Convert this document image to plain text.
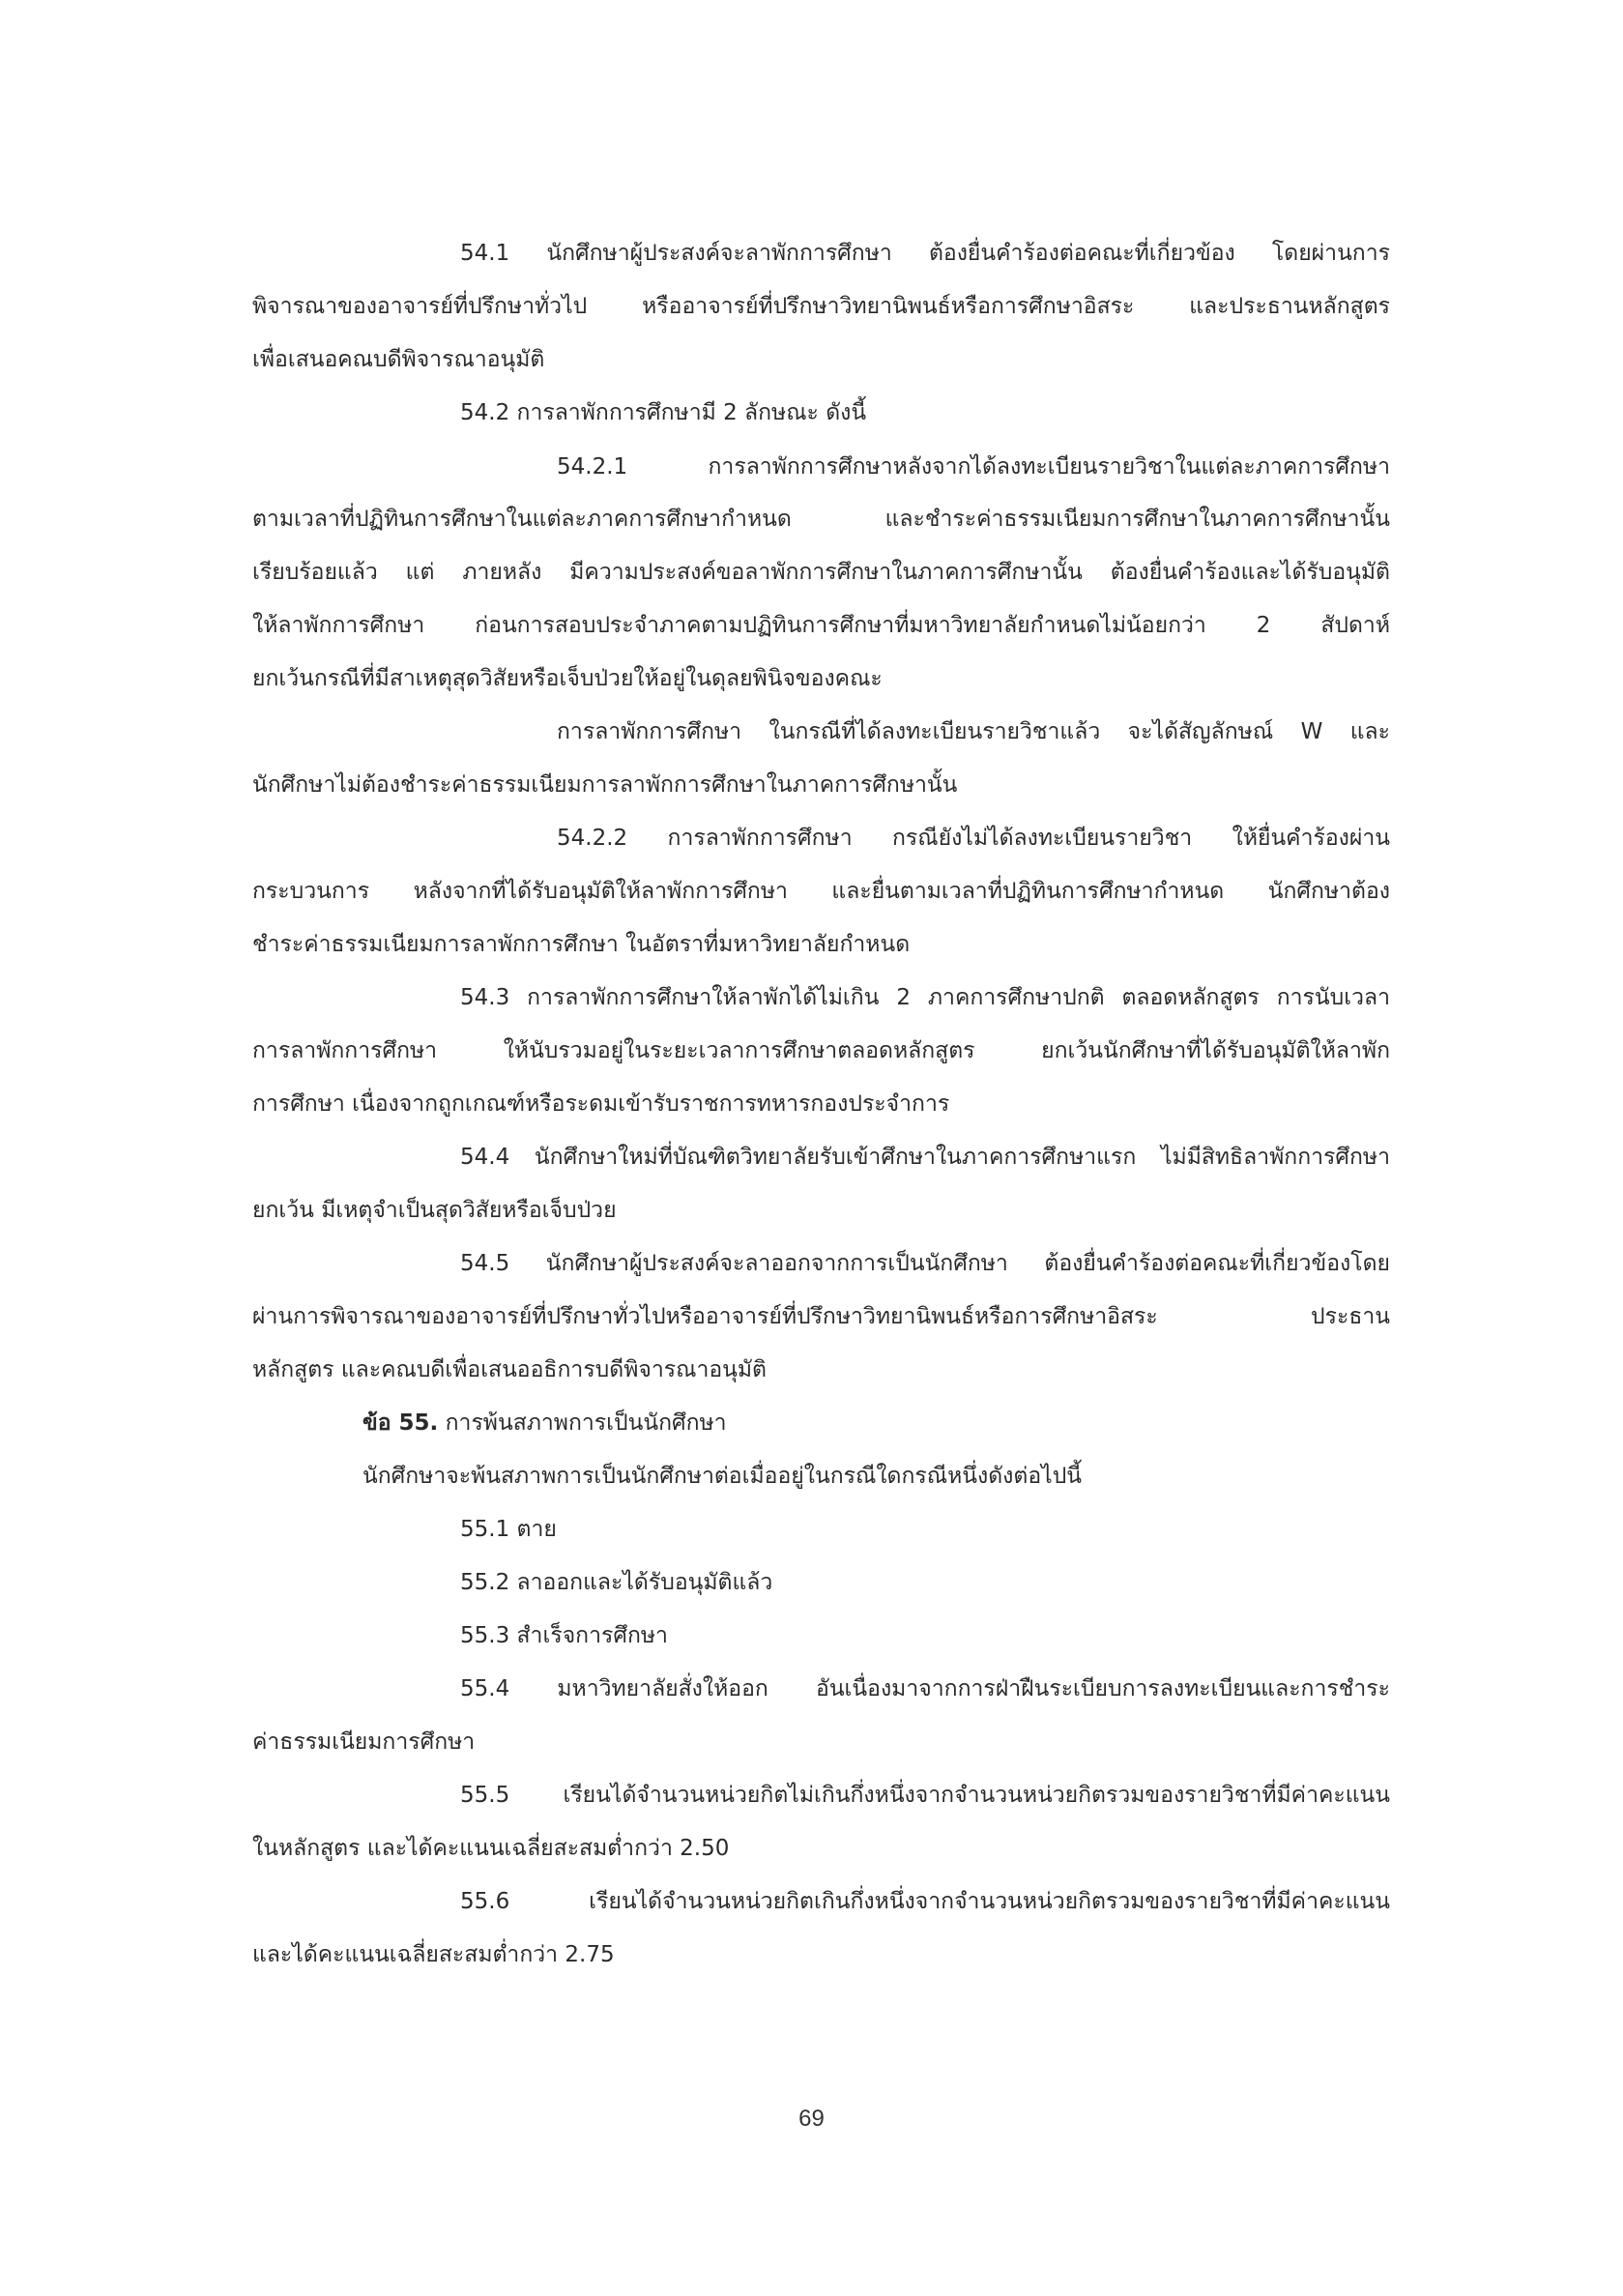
54.1 นักศึกษาผู้ประสงค์จะลาพักการศึกษา ต้องยื่นคำร้องต่อคณะที่เกี่ยวข้อง โดยผ่านการ
พิจารณาของอาจารย์ที่ปรึกษาทั่วไป หรืออาจารย์ที่ปรึกษาวิทยานิพนธ์หรือการศึกษาอิสระ และประธานหลักสูตร
เพื่อเสนอคณบดีพิจารณาอนุมัติ
54.2 การลาพักการศึกษามี 2 ลักษณะ ดังนี้
54.2.1 การลาพักการศึกษาหลังจากได้ลงทะเบียนรายวิชาในแต่ละภาคการศึกษา
ตามเวลาที่ปฏิทินการศึกษาในแต่ละภาคการศึกษากำหนด และชำระค่าธรรมเนียมการศึกษาในภาคการศึกษานั้น
เรียบร้อยแล้ว แต่ ภายหลัง มีความประสงค์ขอลาพักการศึกษาในภาคการศึกษานั้น ต้องยื่นคำร้องและได้รับอนุมัติ
ให้ลาพักการศึกษา ก่อนการสอบประจำภาคตามปฏิทินการศึกษาที่มหาวิทยาลัยกำหนดไม่น้อยกว่า 2 สัปดาห์
ยกเว้นกรณีที่มีสาเหตุสุดวิสัยหรือเจ็บป่วยให้อยู่ในดุลยพินิจของคณะ
การลาพักการศึกษา ในกรณีที่ได้ลงทะเบียนรายวิชาแล้ว จะได้สัญลักษณ์ W และ
นักศึกษาไม่ต้องชำระค่าธรรมเนียมการลาพักการศึกษาในภาคการศึกษานั้น
54.2.2 การลาพักการศึกษา กรณียังไม่ได้ลงทะเบียนรายวิชา ให้ยื่นคำร้องผ่าน
กระบวนการ หลังจากที่ได้รับอนุมัติให้ลาพักการศึกษา และยื่นตามเวลาที่ปฏิทินการศึกษากำหนด นักศึกษาต้อง
ชำระค่าธรรมเนียมการลาพักการศึกษา ในอัตราที่มหาวิทยาลัยกำหนด
54.3 การลาพักการศึกษาให้ลาพักได้ไม่เกิน 2 ภาคการศึกษาปกติ ตลอดหลักสูตร การนับเวลา
การลาพักการศึกษา ให้นับรวมอยู่ในระยะเวลาการศึกษาตลอดหลักสูตร ยกเว้นนักศึกษาที่ได้รับอนุมัติให้ลาพัก
การศึกษา เนื่องจากถูกเกณฑ์หรือระดมเข้ารับราชการทหารกองประจำการ
54.4 นักศึกษาใหม่ที่บัณฑิตวิทยาลัยรับเข้าศึกษาในภาคการศึกษาแรก ไม่มีสิทธิลาพักการศึกษา
ยกเว้น มีเหตุจำเป็นสุดวิสัยหรือเจ็บป่วย
54.5 นักศึกษาผู้ประสงค์จะลาออกจากการเป็นนักศึกษา ต้องยื่นคำร้องต่อคณะที่เกี่ยวข้องโดย
ผ่านการพิจารณาของอาจารย์ที่ปรึกษาทั่วไปหรืออาจารย์ที่ปรึกษาวิทยานิพนธ์หรือการศึกษาอิสระ ประธาน
หลักสูตร และคณบดีเพื่อเสนออธิการบดีพิจารณาอนุมัติ
ข้อ 55. การพ้นสภาพการเป็นนักศึกษา
นักศึกษาจะพ้นสภาพการเป็นนักศึกษาต่อเมื่ออยู่ในกรณีใดกรณีหนึ่งดังต่อไปนี้
55.1 ตาย
55.2 ลาออกและได้รับอนุมัติแล้ว
55.3 สำเร็จการศึกษา
55.4 มหาวิทยาลัยสั่งให้ออก อันเนื่องมาจากการฝ่าฝืนระเบียบการลงทะเบียนและการชำระ
ค่าธรรมเนียมการศึกษา
55.5 เรียนได้จำนวนหน่วยกิตไม่เกินกึ่งหนึ่งจากจำนวนหน่วยกิตรวมของรายวิชาที่มีค่าคะแนน
ในหลักสูตร และได้คะแนนเฉลี่ยสะสมต่ำกว่า 2.50
55.6 เรียนได้จำนวนหน่วยกิตเกินกึ่งหนึ่งจากจำนวนหน่วยกิตรวมของรายวิชาที่มีค่าคะแนน
และได้คะแนนเฉลี่ยสะสมต่ำกว่า 2.75
69
